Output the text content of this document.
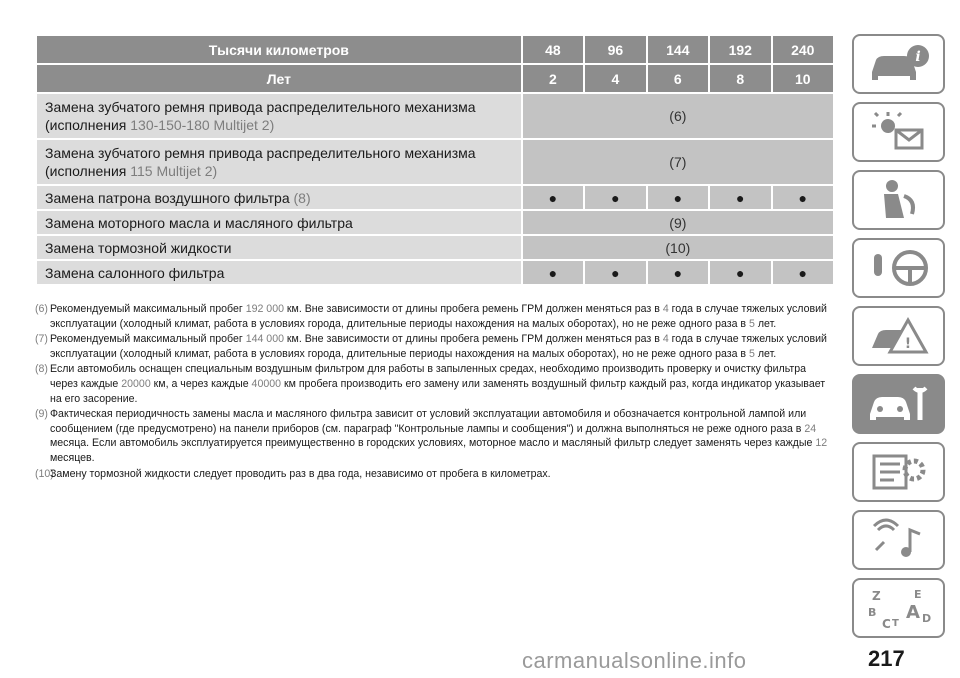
Тысячи километров	48	96	144	192	240
Лет	2	4	6	8	10
Замена зубчатого ремня привода распределительного механизма
(исполнения 130-150-180 Multijet 2)	(6)				
Замена зубчатого ремня привода распределительного механизма
(исполнения 115 Multijet 2)	(7)				
Замена патрона воздушного фильтра (8)	●	●	●	●	●
Замена моторного масла и масляного фильтра	(9)				
Замена тормозной жидкости	(10)				
Замена салонного фильтра	●	●	●	●	●
(6) Рекомендуемый максимальный пробег 192 000 км. Вне зависимости от длины пробега ремень ГРМ должен меняться раз в 4 года в случае тяжелых условий эксплуатации (холодный климат, работа в условиях города, длительные периоды нахождения на малых оборотах), но не реже одного раза в 5 лет.
(7) Рекомендуемый максимальный пробег 144 000 км. Вне зависимости от длины пробега ремень ГРМ должен меняться раз в 4 года в случае тяжелых условий эксплуатации (холодный климат, работа в условиях города, длительные периоды нахождения на малых оборотах), но не реже одного раза в 5 лет.
(8) Если автомобиль оснащен специальным воздушным фильтром для работы в запыленных средах, необходимо производить проверку и очистку фильтра через каждые 20000 км, а через каждые 40000 км пробега производить его замену или заменять воздушный фильтр каждый раз, когда индикатор указывает на его засорение.
(9) Фактическая периодичность замены масла и масляного фильтра зависит от условий эксплуатации автомобиля и обозначается контрольной лампой или сообщением (где предусмотрено) на панели приборов (см. параграф "Контрольные лампы и сообщения") и должна выполняться не реже одного раза в 24 месяца. Если автомобиль эксплуатируется преимущественно в городских условиях, моторное масло и масляный фильтр следует заменять через каждые 12 месяцев.
(10)
Замену тормозной жидкости следует проводить раз в два года, независимо от пробега в километрах.
i
!
Z	E
B A
C T D
carmanualsonline.info	217
